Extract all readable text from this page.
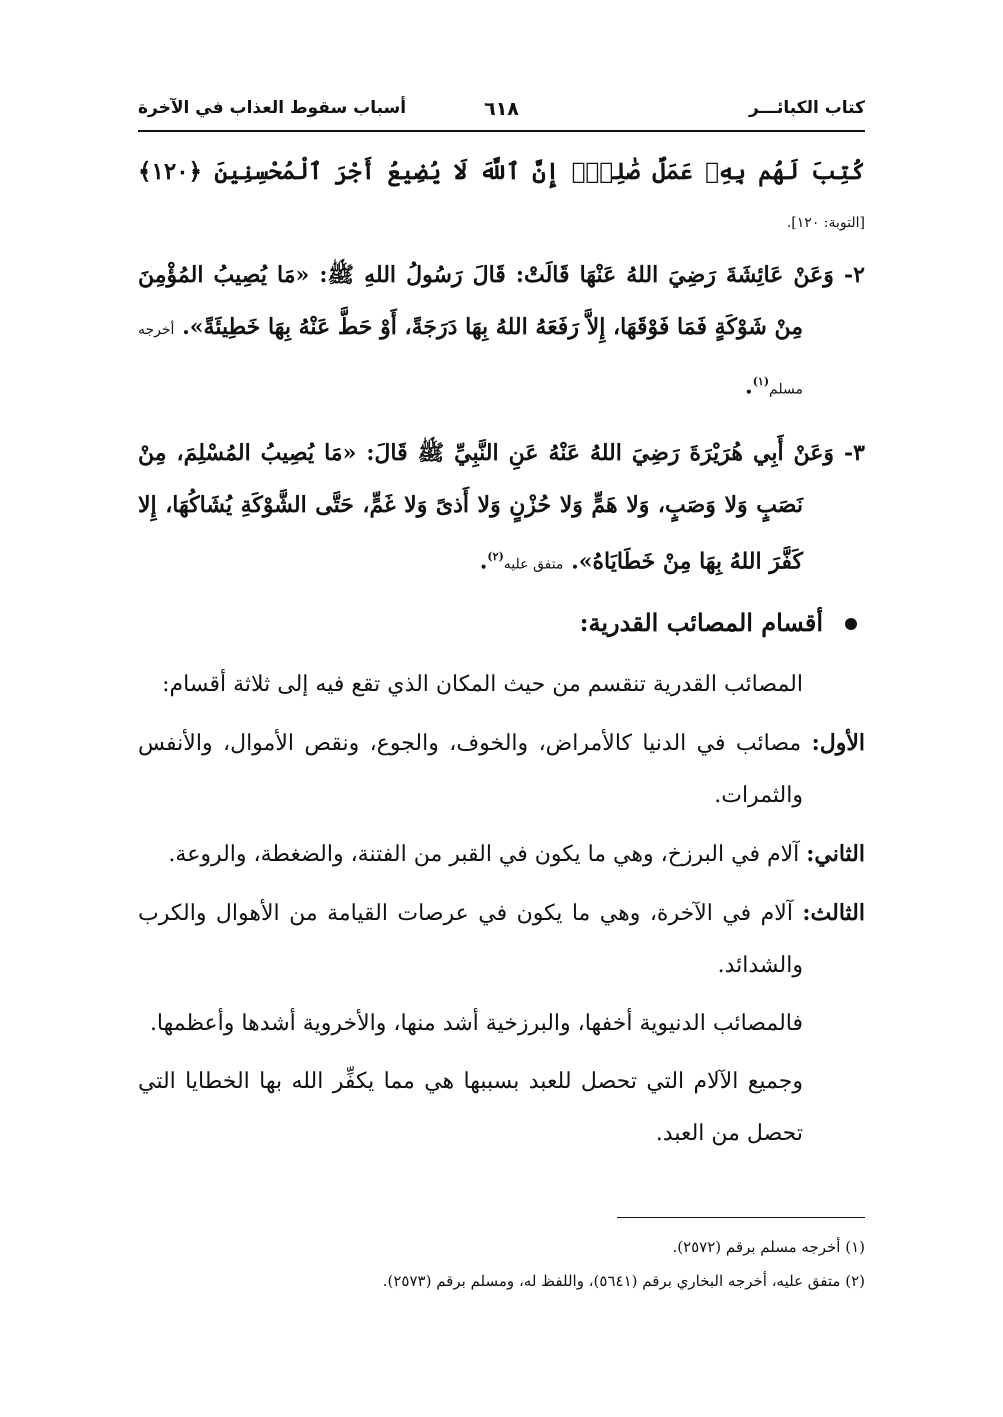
كتاب الكبائـــر
٦١٨
أسباب سقوط العذاب في الآخرة
كُتِبَ لَهُم بِهِۦ عَمَلٌ صَٰلِحٌۚ إِنَّ ٱللَّهَ لَا يُضِيعُ أَجْرَ ٱلْمُحْسِنِينَ ﴿١٢٠﴾ [التوبة: ١٢٠].
٢- وَعَنْ عَائِشَةَ رَضِيَ اللهُ عَنْهَا قَالَتْ: قَالَ رَسُولُ اللهِ ﷺ: «مَا يُصِيبُ المُؤْمِنَ مِنْ شَوْكَةٍ فَمَا فَوْقَهَا، إِلاَّ رَفَعَهُ اللهُ بِهَا دَرَجَةً، أَوْ حَطَّ عَنْهُ بِهَا خَطِيئَةً». أخرجه مسلم$^{(١)}$.
٣- وَعَنْ أَبِي هُرَيْرَةَ رَضِيَ اللهُ عَنْهُ عَنِ النَّبِيِّ ﷺ قَالَ: «مَا يُصِيبُ المُسْلِمَ، مِنْ نَصَبٍ وَلا وَصَبٍ، وَلا هَمٍّ وَلا حُزْنٍ وَلا أَذىً وَلا غَمٍّ، حَتَّى الشَّوْكَةِ يُشَاكُهَا، إِلا كَفَّرَ اللهُ بِهَا مِنْ خَطَايَاهُ». متفق عليه$^{(٢)}$.
أقسام المصائب القدرية:
المصائب القدرية تنقسم من حيث المكان الذي تقع فيه إلى ثلاثة أقسام:
الأول: مصائب في الدنيا كالأمراض، والخوف، والجوع، ونقص الأموال، والأنفس والثمرات.
الثاني: آلام في البرزخ، وهي ما يكون في القبر من الفتنة، والضغطة، والروعة.
الثالث: آلام في الآخرة، وهي ما يكون في عرصات القيامة من الأهوال والكرب والشدائد.
فالمصائب الدنيوية أخفها، والبرزخية أشد منها، والأخروية أشدها وأعظمها.
وجميع الآلام التي تحصل للعبد بسببها هي مما يكفِّر الله بها الخطايا التي تحصل من العبد.
(١) أخرجه مسلم برقم (٢٥٧٢).
(٢) متفق عليه، أخرجه البخاري برقم (٥٦٤١)، واللفظ له، ومسلم برقم (٢٥٧٣).
